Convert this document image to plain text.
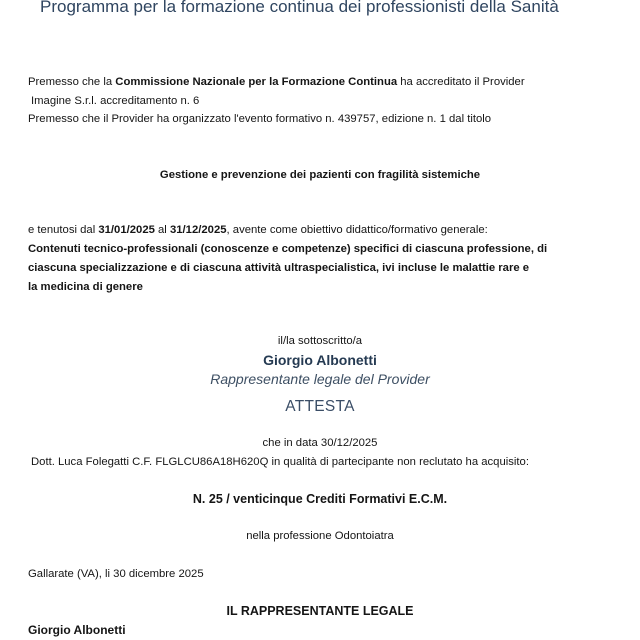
Programma per la formazione continua dei professionisti della Sanità
Premesso che la Commissione Nazionale per la Formazione Continua ha accreditato il Provider
Imagine S.r.l. accreditamento n. 6
Premesso che il Provider ha organizzato l'evento formativo n. 439757, edizione n. 1 dal titolo
Gestione e prevenzione dei pazienti con fragilità sistemiche
e tenutosi dal 31/01/2025 al 31/12/2025, avente come obiettivo didattico/formativo generale:
Contenuti tecnico-professionali (conoscenze e competenze) specifici di ciascuna professione, di
ciascuna specializzazione e di ciascuna attività ultraspecialistica, ivi incluse le malattie rare e
la medicina di genere
il/la sottoscritto/a
Giorgio Albonetti
Rappresentante legale del Provider
ATTESTA
che in data 30/12/2025
Dott. Luca Folegatti C.F. FLGLCU86A18H620Q in qualità di partecipante non reclutato ha acquisito:
N. 25 / venticinque Crediti Formativi E.C.M.
nella professione Odontoiatra
Gallarate (VA), li 30 dicembre 2025
IL RAPPRESENTANTE LEGALE
Giorgio Albonetti
